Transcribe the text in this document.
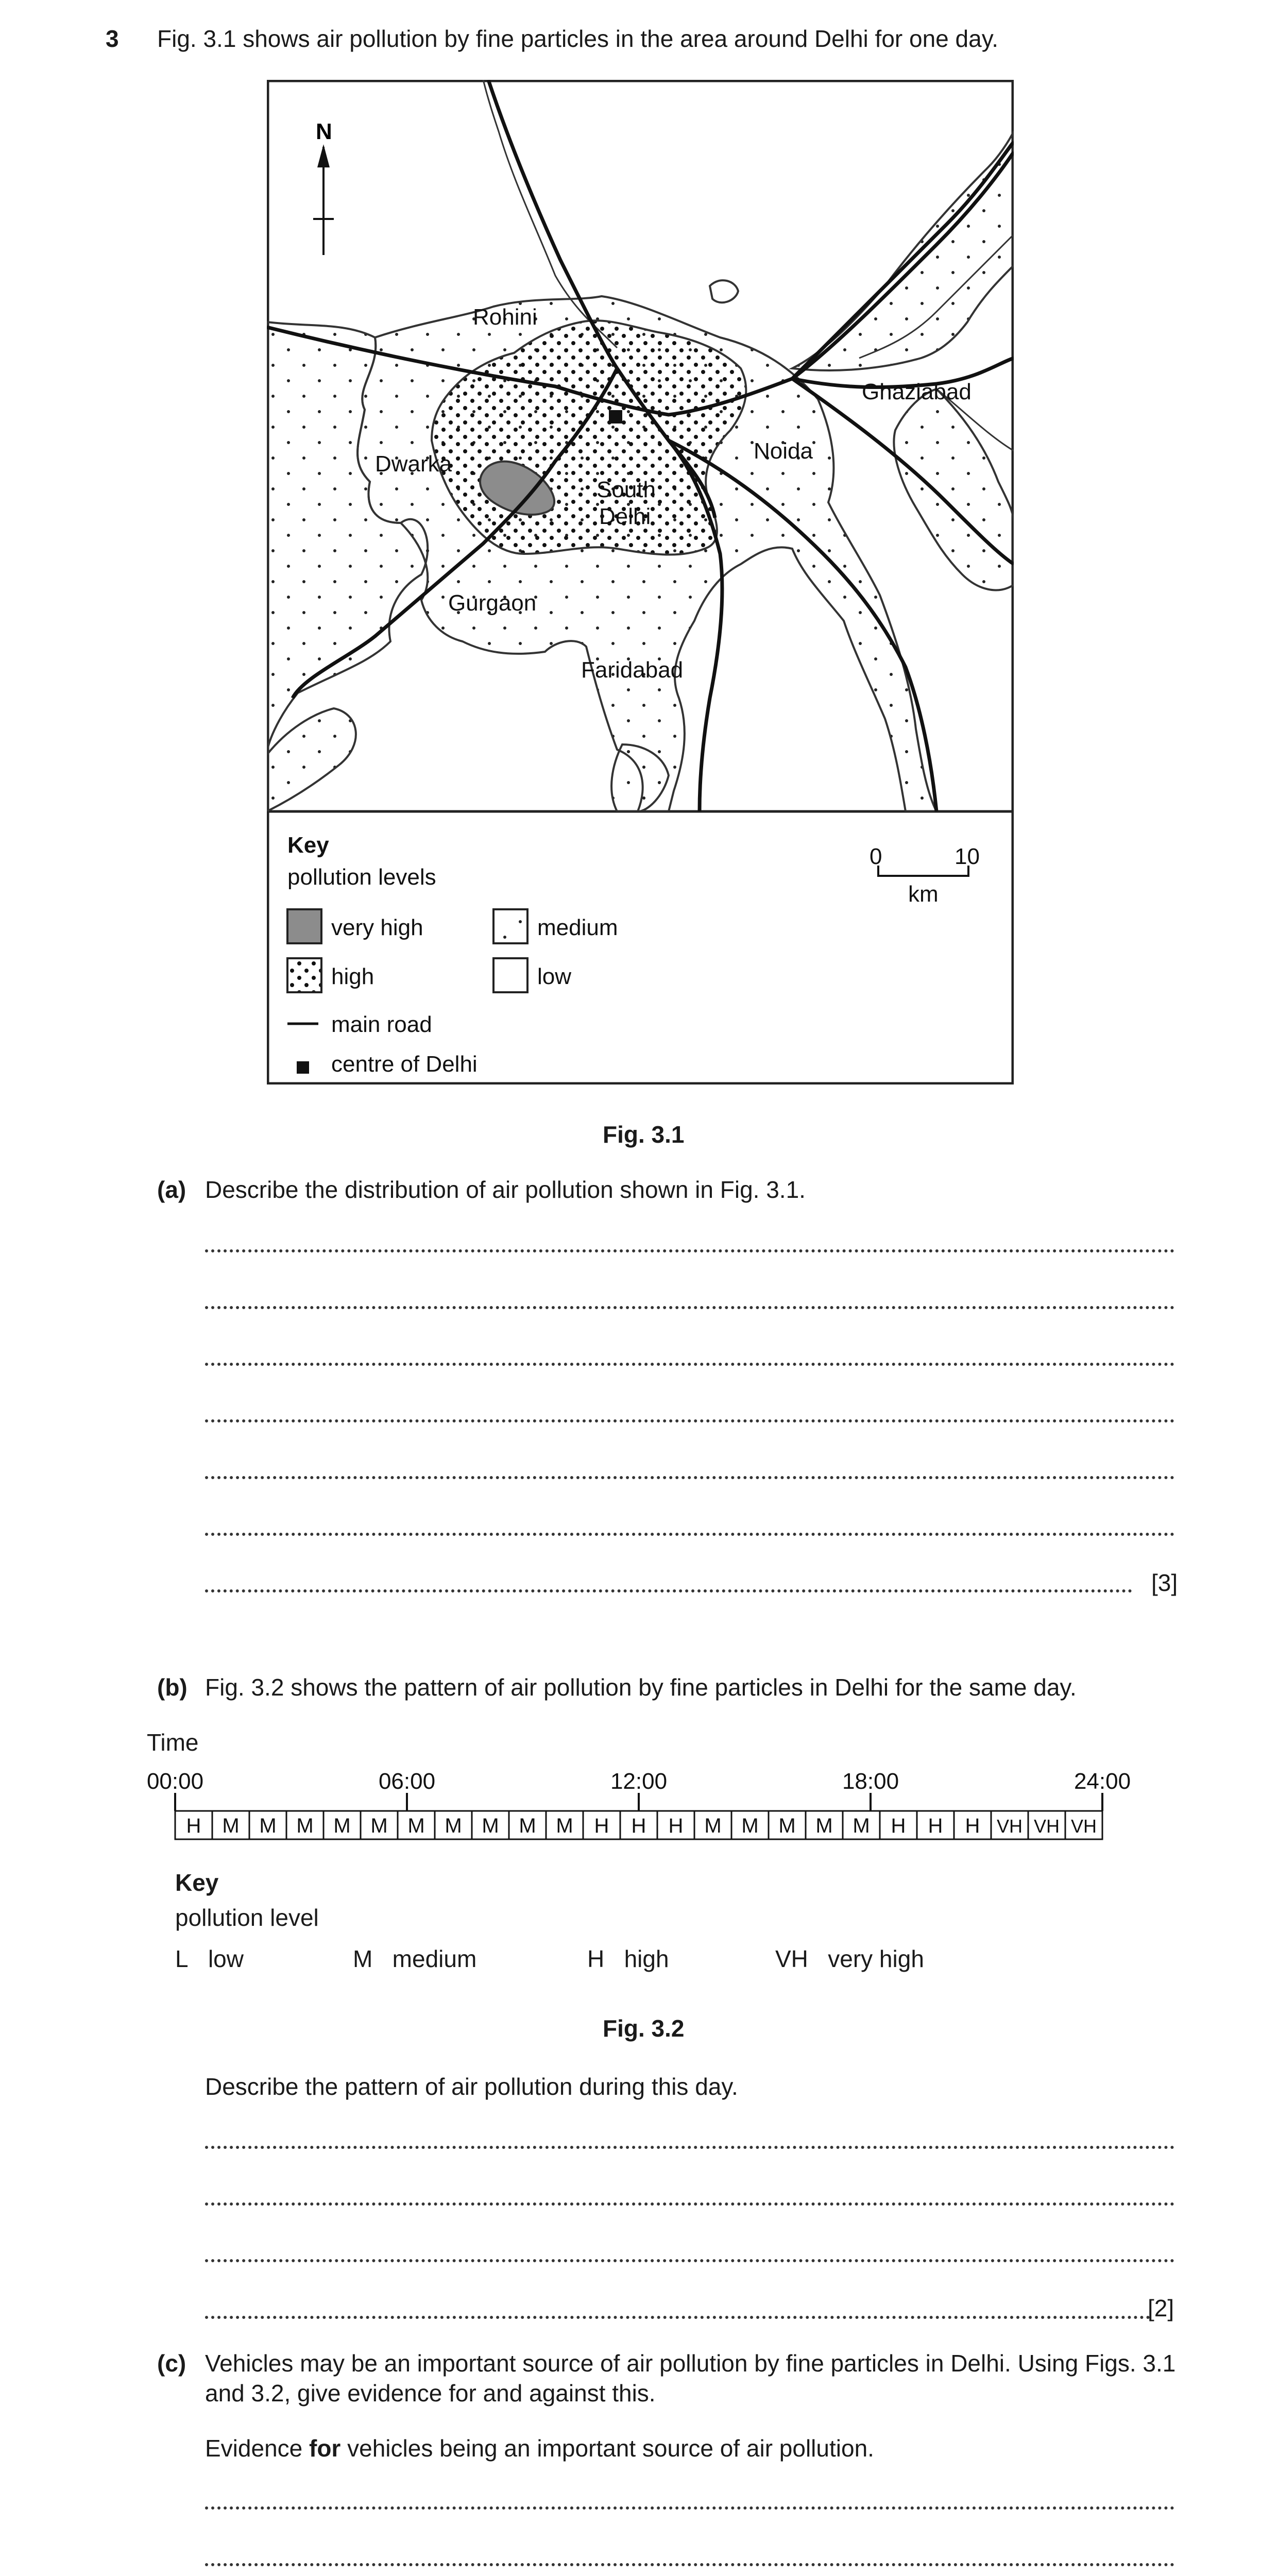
3 Fig. 3.1 shows air pollution by fine particles in the area around Delhi for one day.
N
Rohini
Ghaziabad
Dwarka
Noida
South
Delhi
Gurgaon
Faridabad
Key
pollution levels
very high
high
medium
low
main road
centre of Delhi
0	10
km
Fig. 3.1
(a) Describe the distribution of air pollution shown in Fig. 3.1.
[3]
(b) Fig. 3.2 shows the pattern of air pollution by fine particles in Delhi for the same day.
Time
00:00	06:00	12:00	18:00	24:00
H M M M M M M M M M M H H H M M M M M H H H VH VH VH
Key
pollution level
L low	M medium	H high	VH very high
Fig. 3.2
Describe the pattern of air pollution during this day.
[2]
(c) Vehicles may be an important source of air pollution by fine particles in Delhi. Using Figs. 3.1
and 3.2, give evidence for and against this.
Evidence for vehicles being an important source of air pollution.
